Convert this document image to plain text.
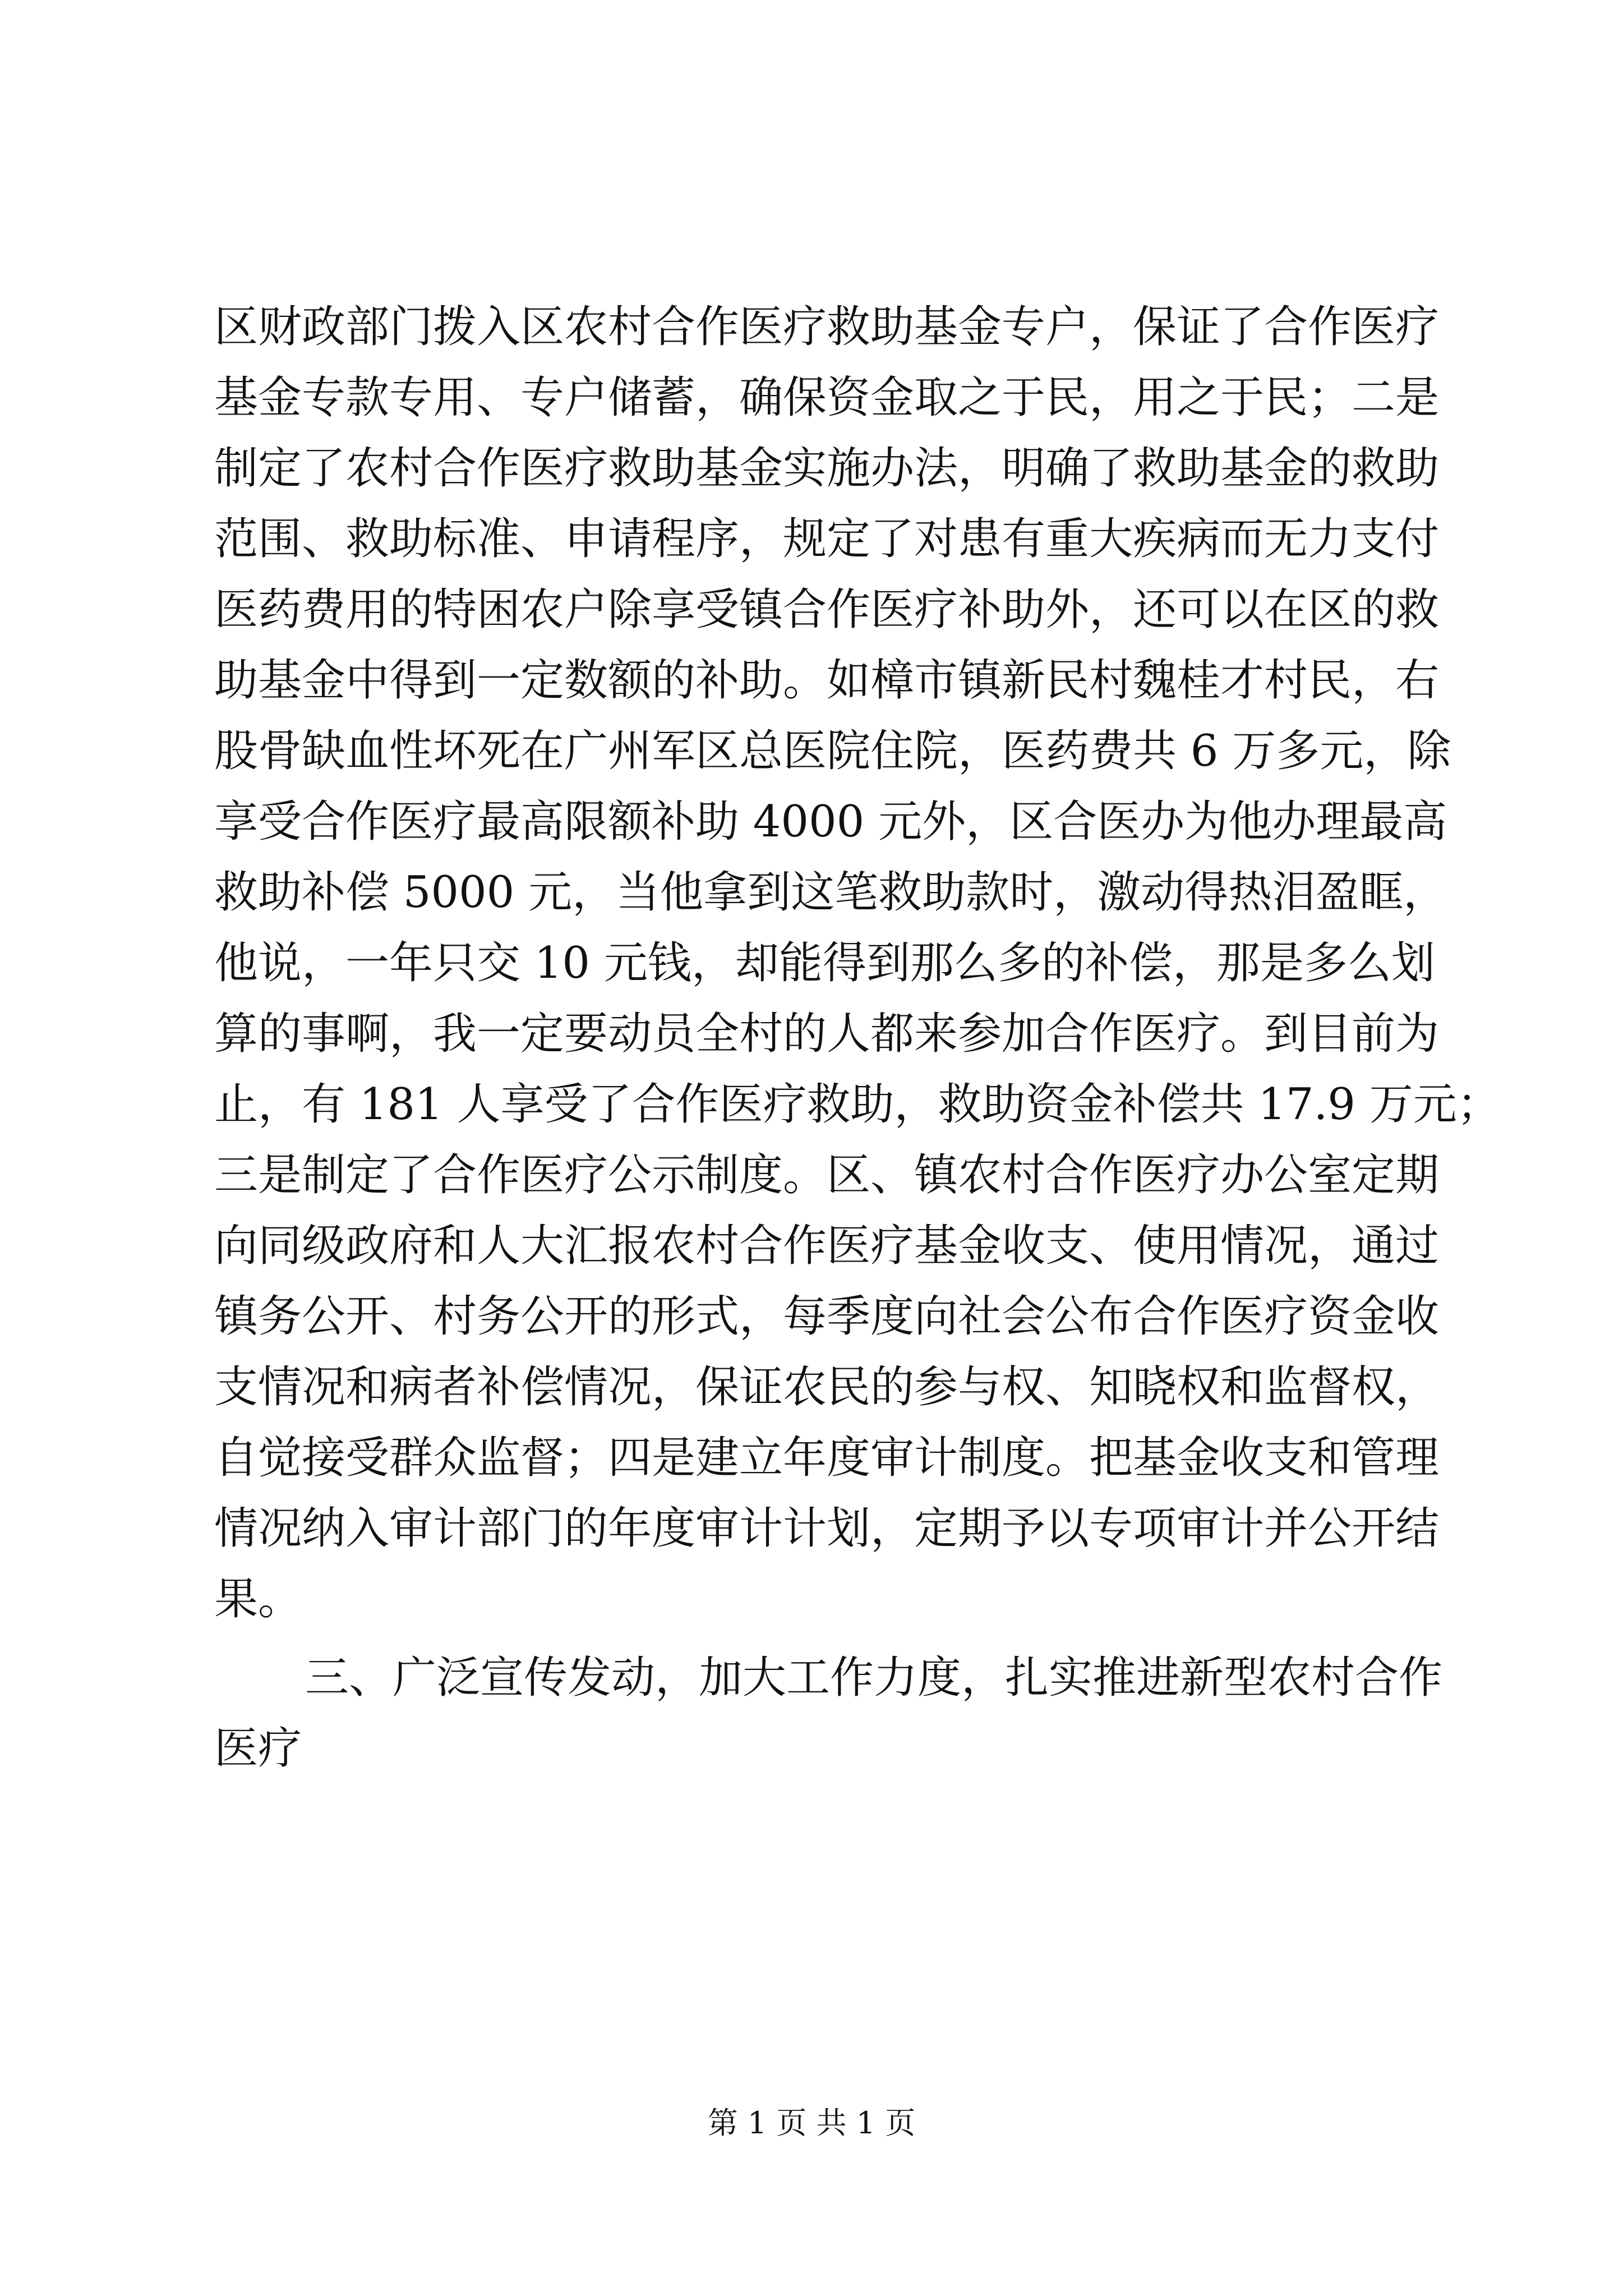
区财政部门拨入区农村合作医疗救助基金专户，保证了合作医疗
基金专款专用、专户储蓄，确保资金取之于民，用之于民；二是
制定了农村合作医疗救助基金实施办法，明确了救助基金的救助
范围、救助标准、申请程序，规定了对患有重大疾病而无力支付
医药费用的特困农户除享受镇合作医疗补助外，还可以在区的救
助基金中得到一定数额的补助。如樟市镇新民村魏桂才村民，右
股骨缺血性坏死在广州军区总医院住院，医药费共 6 万多元，除
享受合作医疗最高限额补助 4000 元外，区合医办为他办理最高
救助补偿 5000 元，当他拿到这笔救助款时，激动得热泪盈眶，
他说，一年只交 10 元钱，却能得到那么多的补偿，那是多么划
算的事啊，我一定要动员全村的人都来参加合作医疗。到目前为
止，有 181 人享受了合作医疗救助，救助资金补偿共 17.9 万元；
三是制定了合作医疗公示制度。区、镇农村合作医疗办公室定期
向同级政府和人大汇报农村合作医疗基金收支、使用情况，通过
镇务公开、村务公开的形式，每季度向社会公布合作医疗资金收
支情况和病者补偿情况，保证农民的参与权、知晓权和监督权，
自觉接受群众监督；四是建立年度审计制度。把基金收支和管理
情况纳入审计部门的年度审计计划，定期予以专项审计并公开结
果。
三、广泛宣传发动，加大工作力度，扎实推进新型农村合作
医疗
第 1 页 共 1 页
